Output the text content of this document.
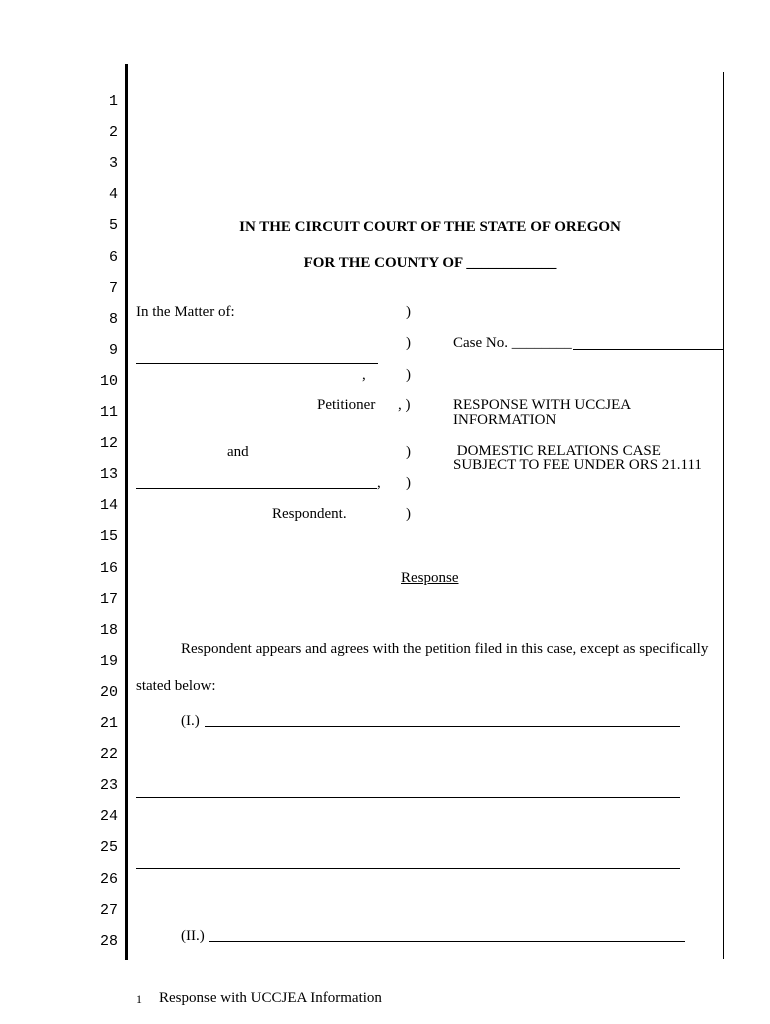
1
2
3
4
5
6
7
8
9
10
11
12
13
14
15
16
17
18
19
20
21
22
23
24
25
26
27
28
IN THE CIRCUIT COURT OF THE STATE OF OREGON
FOR THE COUNTY OF ____________
In the Matter of:
,
Petitioner
and
,
Respondent.
)
)
)
, )
)
)
)
Case No. ________
RESPONSE WITH UCCJEA
INFORMATION
DOMESTIC RELATIONS CASE
SUBJECT TO FEE UNDER ORS 21.111
Response
Respondent appears and agrees with the petition filed in this case, except as specifically
stated below:
(I.)
(II.)
1 Response with UCCJEA Information
